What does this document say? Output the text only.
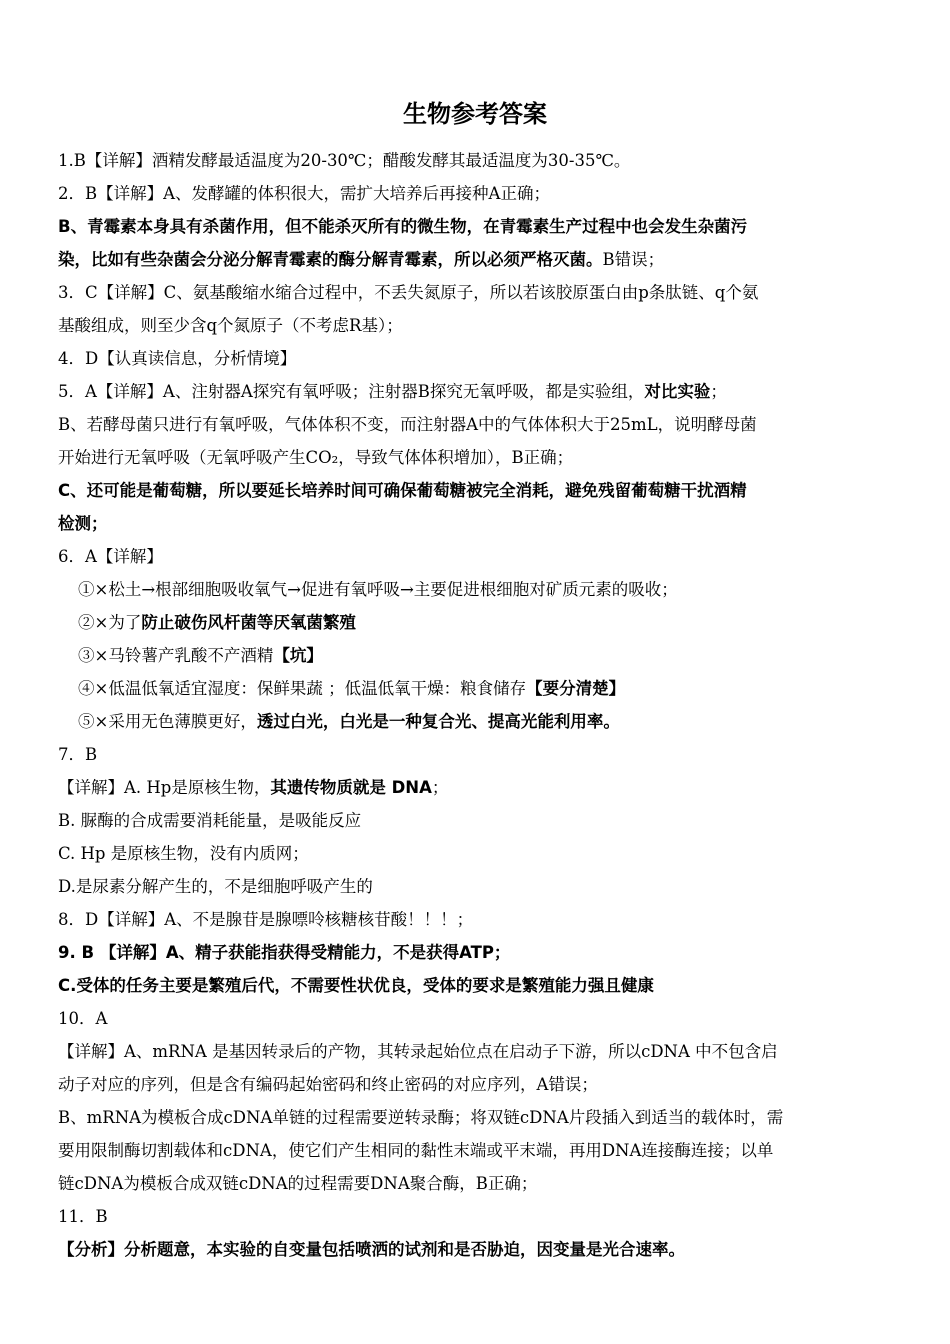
生物参考答案
1.B【详解】酒精发酵最适温度为20-30℃；醋酸发酵其最适温度为30-35℃。
2．B【详解】A、发酵罐的体积很大，需扩大培养后再接种A正确；
B、青霉素本身具有杀菌作用，但不能杀灭所有的微生物，在青霉素生产过程中也会发生杂菌污
染，比如有些杂菌会分泌分解青霉素的酶分解青霉素，所以必须严格灭菌。B错误；
3．C【详解】C、氨基酸缩水缩合过程中，不丢失氮原子，所以若该胶原蛋白由p条肽链、q个氨
基酸组成，则至少含q个氮原子（不考虑R基）；
4．D【认真读信息，分析情境】
5．A【详解】A、注射器A探究有氧呼吸；注射器B探究无氧呼吸，都是实验组，对比实验；
B、若酵母菌只进行有氧呼吸，气体体积不变，而注射器A中的气体体积大于25mL，说明酵母菌
开始进行无氧呼吸（无氧呼吸产生CO₂，导致气体体积增加），B正确；
C、还可能是葡萄糖，所以要延长培养时间可确保葡萄糖被完全消耗，避免残留葡萄糖干扰酒精
检测；
6．A【详解】
①×松土→根部细胞吸收氧气→促进有氧呼吸→主要促进根细胞对矿质元素的吸收；
②×为了防止破伤风杆菌等厌氧菌繁殖
③×马铃薯产乳酸不产酒精【坑】
④×低温低氧适宜湿度：保鲜果蔬 ；低温低氧干燥：粮食储存【要分清楚】
⑤×采用无色薄膜更好，透过白光，白光是一种复合光、提高光能利用率。
7．B
【详解】A. Hp是原核生物，其遗传物质就是 DNA；
B. 脲酶的合成需要消耗能量，是吸能反应
C. Hp 是原核生物，没有内质网；
D.是尿素分解产生的，不是细胞呼吸产生的
8．D【详解】A、不是腺苷是腺嘌呤核糖核苷酸！！！；
9. B 【详解】A、精子获能指获得受精能力，不是获得ATP；
C.受体的任务主要是繁殖后代，不需要性状优良，受体的要求是繁殖能力强且健康
10．A
【详解】A、mRNA 是基因转录后的产物，其转录起始位点在启动子下游，所以cDNA 中不包含启
动子对应的序列，但是含有编码起始密码和终止密码的对应序列，A错误；
B、mRNA为模板合成cDNA单链的过程需要逆转录酶；将双链cDNA片段插入到适当的载体时，需
要用限制酶切割载体和cDNA，使它们产生相同的黏性末端或平末端，再用DNA连接酶连接；以单
链cDNA为模板合成双链cDNA的过程需要DNA聚合酶，B正确；
11．B
【分析】分析题意，本实验的自变量包括喷洒的试剂和是否胁迫，因变量是光合速率。
